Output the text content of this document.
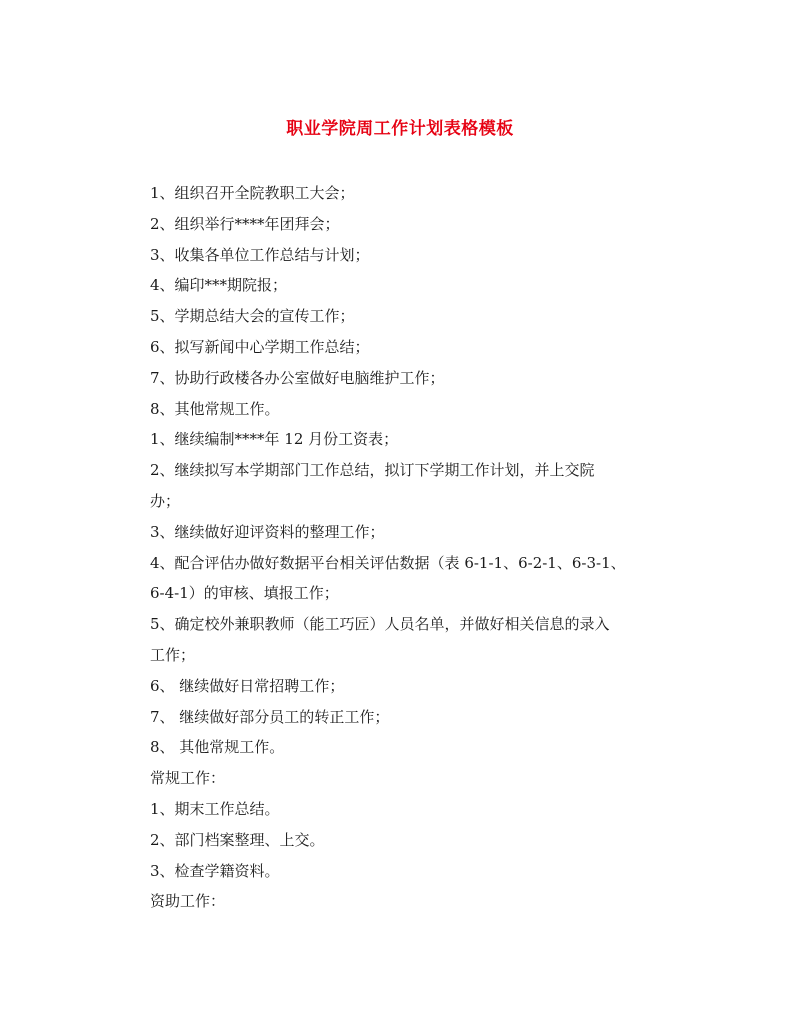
职业学院周工作计划表格模板
1、组织召开全院教职工大会；
2、组织举行****年团拜会；
3、收集各单位工作总结与计划；
4、编印***期院报；
5、学期总结大会的宣传工作；
6、拟写新闻中心学期工作总结；
7、协助行政楼各办公室做好电脑维护工作；
8、其他常规工作。
1、继续编制****年 12 月份工资表；
2、继续拟写本学期部门工作总结，拟订下学期工作计划，并上交院
办；
3、继续做好迎评资料的整理工作；
4、配合评估办做好数据平台相关评估数据（表 6-1-1、6-2-1、6-3-1、
6-4-1）的审核、填报工作；
5、确定校外兼职教师（能工巧匠）人员名单，并做好相关信息的录入
工作；
6、 继续做好日常招聘工作；
7、 继续做好部分员工的转正工作；
8、 其他常规工作。
常规工作：
1、期末工作总结。
2、部门档案整理、上交。
3、检查学籍资料。
资助工作：
